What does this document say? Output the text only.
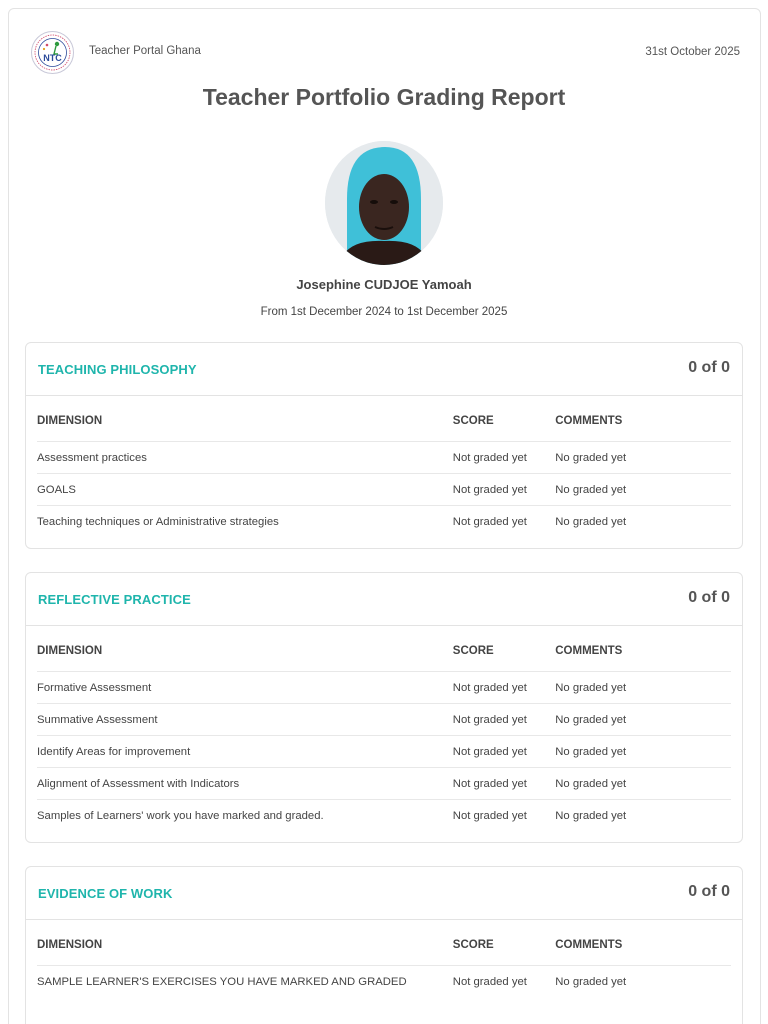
NTC
Teacher Portal Ghana	31st October 2025
Teacher Portfolio Grading Report
Josephine CUDJOE Yamoah
From 1st December 2024 to 1st December 2025
TEACHING PHILOSOPHY	0 of 0
DIMENSION	SCORE	COMMENTS
Assessment practices	Not graded yet	No graded yet
GOALS	Not graded yet	No graded yet
Teaching techniques or Administrative strategies	Not graded yet	No graded yet
REFLECTIVE PRACTICE	0 of 0
DIMENSION	SCORE	COMMENTS
Formative Assessment	Not graded yet	No graded yet
Summative Assessment	Not graded yet	No graded yet
Identify Areas for improvement	Not graded yet	No graded yet
Alignment of Assessment with Indicators	Not graded yet	No graded yet
Samples of Learners' work you have marked and graded.	Not graded yet	No graded yet
EVIDENCE OF WORK	0 of 0
DIMENSION	SCORE	COMMENTS
SAMPLE LEARNER'S EXERCISES YOU HAVE MARKED AND GRADED	Not graded yet	No graded yet
